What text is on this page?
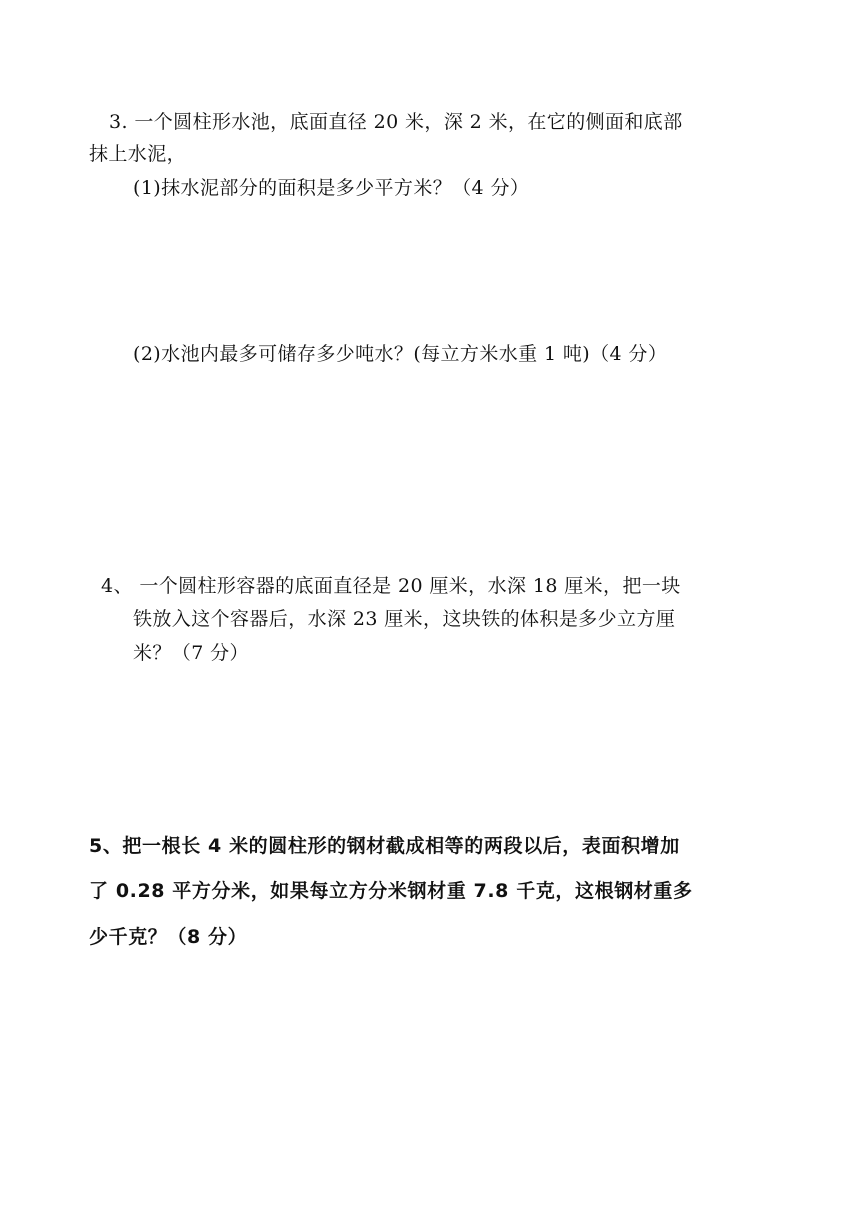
3. 一个圆柱形水池，底面直径 20 米，深 2 米，在它的侧面和底部
抹上水泥，
(1)抹水泥部分的面积是多少平方米？（4 分）
(2)水池内最多可储存多少吨水？(每立方米水重 1 吨)（4 分）
4、 一个圆柱形容器的底面直径是 20 厘米，水深 18 厘米，把一块
铁放入这个容器后，水深 23 厘米，这块铁的体积是多少立方厘
米？（7 分）
5、把一根长 4 米的圆柱形的钢材截成相等的两段以后，表面积增加
了 0.28 平方分米，如果每立方分米钢材重 7.8 千克，这根钢材重多
少千克？（8 分）
